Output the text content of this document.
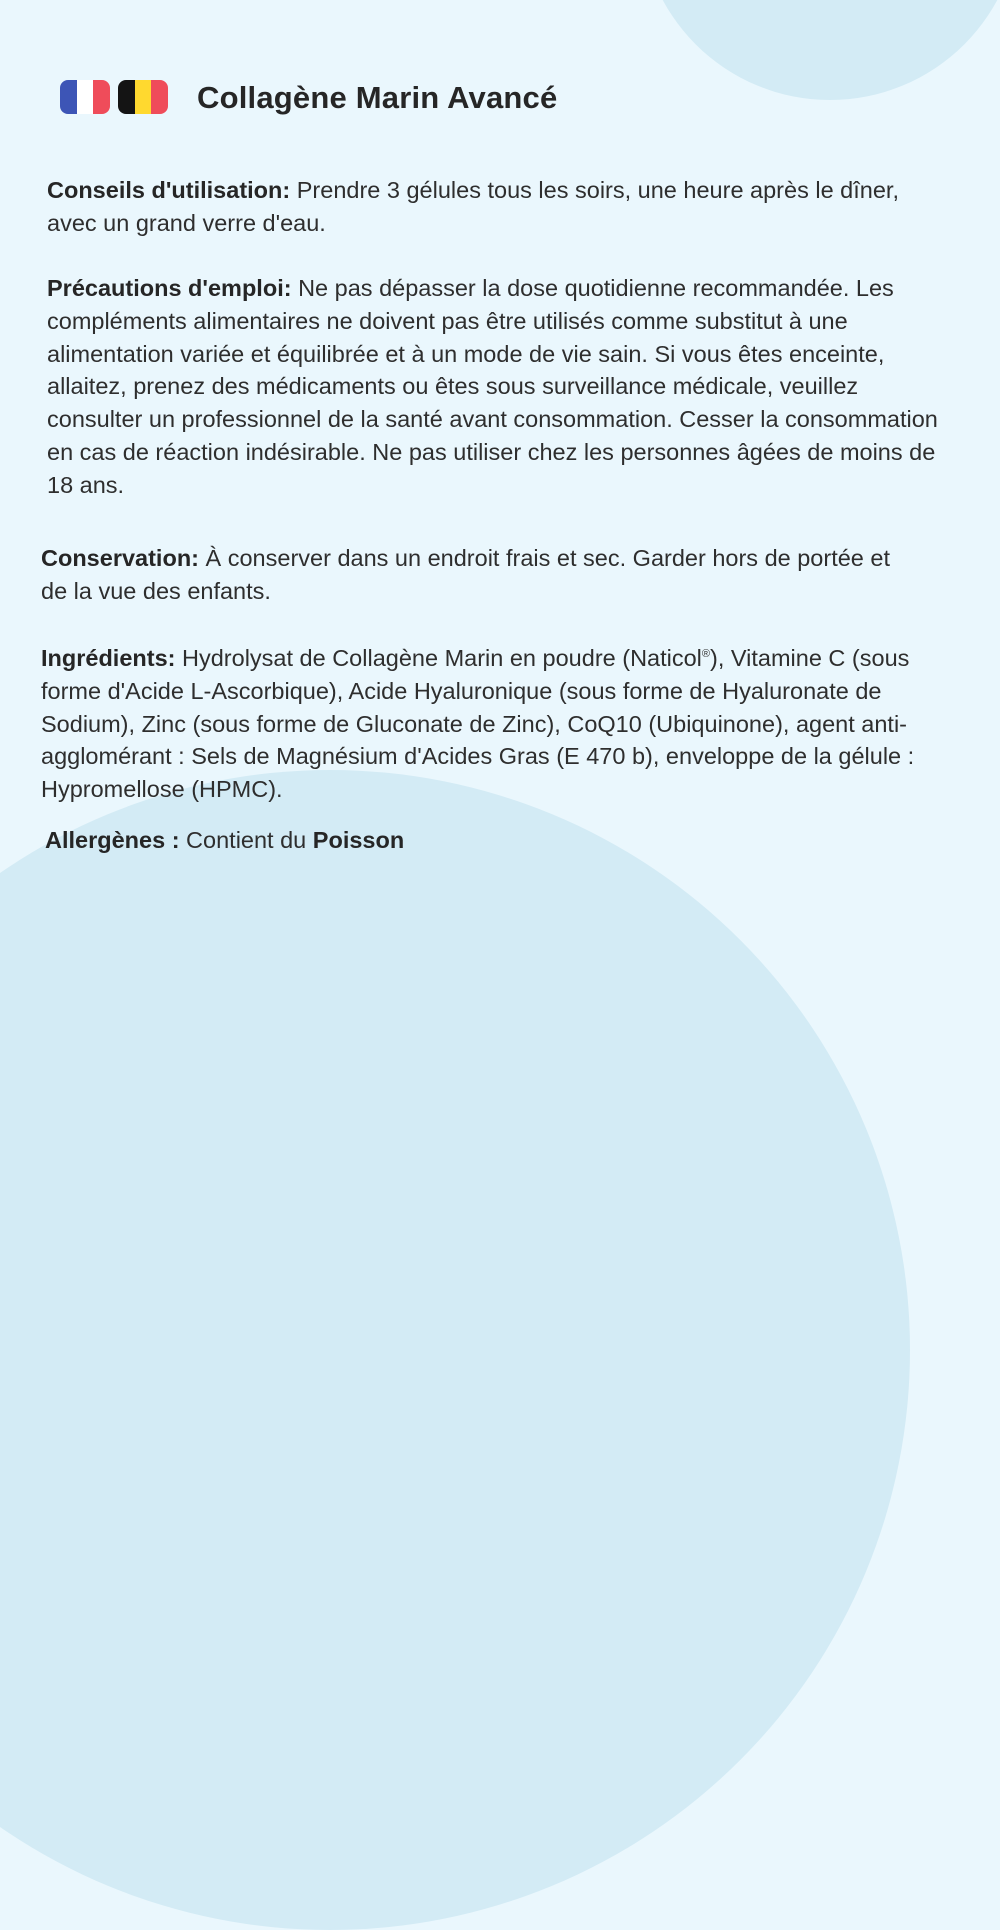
Collagène Marin Avancé

Conseils d'utilisation: Prendre 3 gélules tous les soirs, une heure après le dîner, avec un grand verre d'eau.

Précautions d'emploi: Ne pas dépasser la dose quotidienne recommandée. Les compléments alimentaires ne doivent pas être utilisés comme substitut à une alimentation variée et équilibrée et à un mode de vie sain. Si vous êtes enceinte, allaitez, prenez des médicaments ou êtes sous surveillance médicale, veuillez consulter un professionnel de la santé avant consommation. Cesser la consommation en cas de réaction indésirable. Ne pas utiliser chez les personnes âgées de moins de 18 ans.

Conservation: À conserver dans un endroit frais et sec. Garder hors de portée et de la vue des enfants.

Ingrédients: Hydrolysat de Collagène Marin en poudre (Naticol®), Vitamine C (sous forme d'Acide L-Ascorbique), Acide Hyaluronique (sous forme de Hyaluronate de Sodium), Zinc (sous forme de Gluconate de Zinc), CoQ10 (Ubiquinone), agent anti-agglomérant : Sels de Magnésium d'Acides Gras (E 470 b), enveloppe de la gélule : Hypromellose (HPMC).

Allergènes : Contient du Poisson
